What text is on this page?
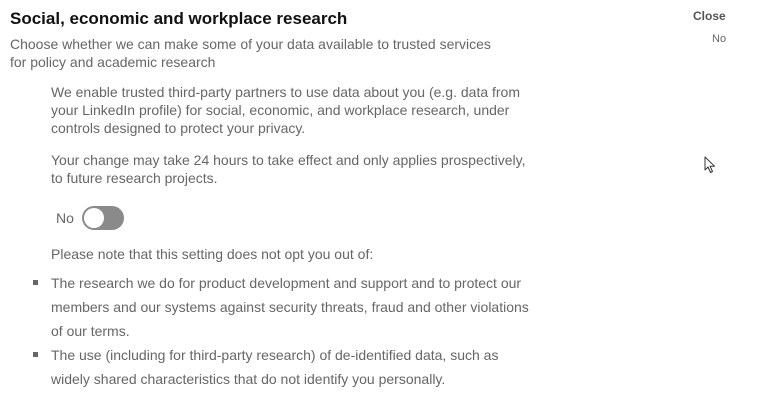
Social, economic and workplace research
Choose whether we can make some of your data available to trusted services for policy and academic research
Close
No

We enable trusted third-party partners to use data about you (e.g. data from your LinkedIn profile) for social, economic, and workplace research, under controls designed to protect your privacy.

Your change may take 24 hours to take effect and only applies prospectively, to future research projects.

No
Please note that this setting does not opt you out of:
The research we do for product development and support and to protect our members and our systems against security threats, fraud and other violations of our terms.
The use (including for third-party research) of de-identified data, such as widely shared characteristics that do not identify you personally.
